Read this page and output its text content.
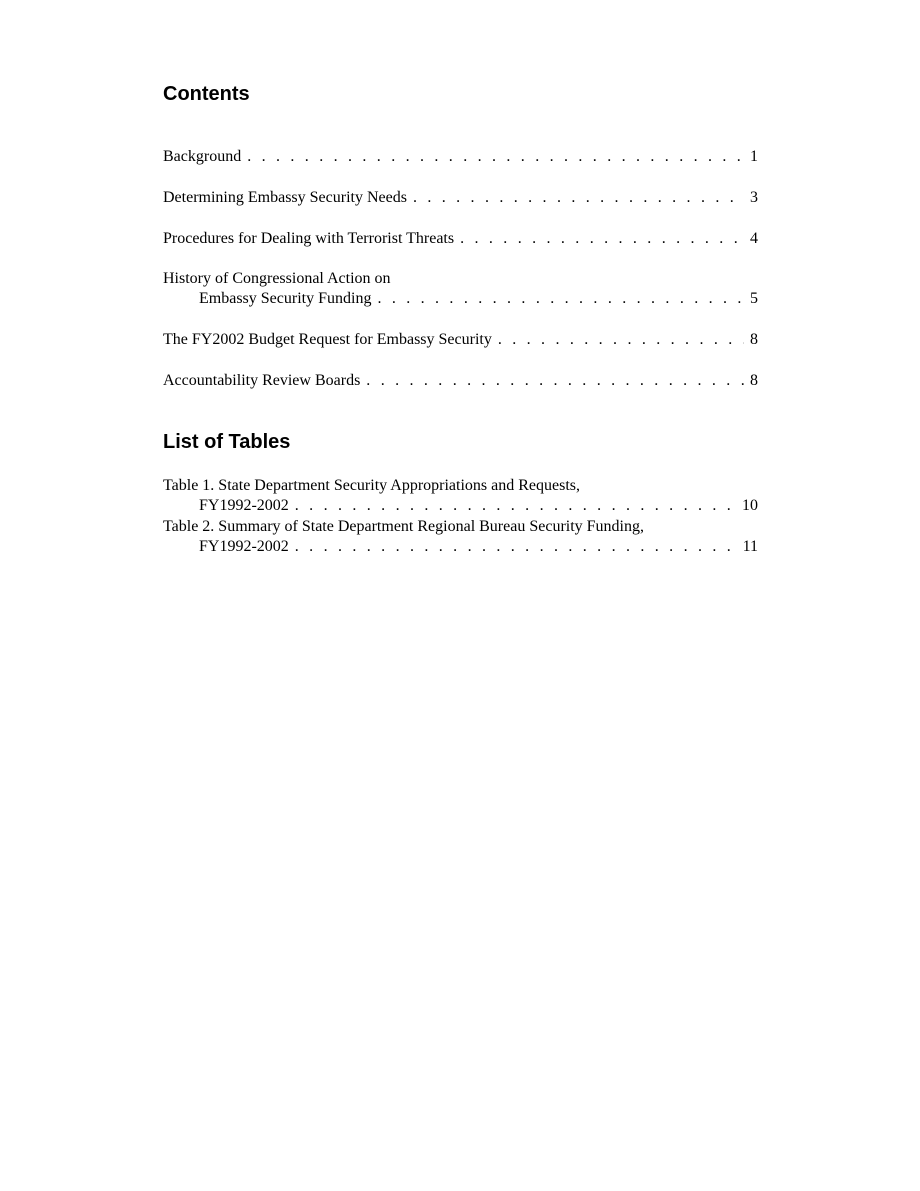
Contents
Background . . .	1
Determining Embassy Security Needs . . .	3
Procedures for Dealing with Terrorist Threats . . .	4
History of Congressional Action on
Embassy Security Funding . . .	5
The FY2002 Budget Request for Embassy Security . . .	8
Accountability Review Boards . . .	8
List of Tables
Table 1. State Department Security Appropriations and Requests,
FY1992-2002 . . .	10
Table 2. Summary of State Department Regional Bureau Security Funding,
FY1992-2002 . . .	11
